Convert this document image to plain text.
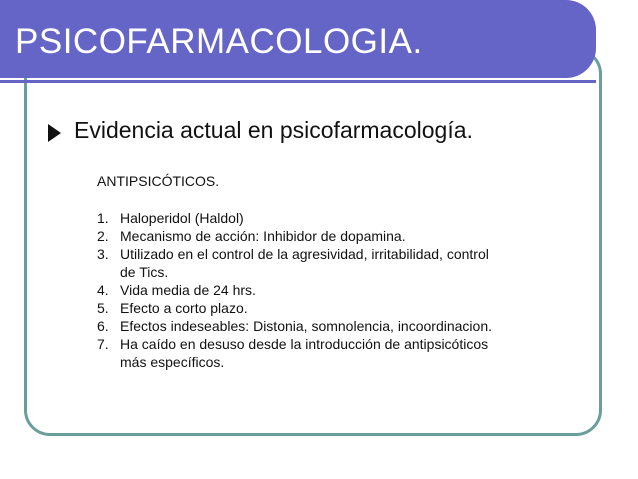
PSICOFARMACOLOGIA.
Evidencia actual en psicofarmacología.

ANTIPSICÓTICOS.

1. Haloperidol (Haldol)
2. Mecanismo de acción: Inhibidor de dopamina.
3. Utilizado en el control de la agresividad, irritabilidad, control de Tics.
4. Vida media de 24 hrs.
5. Efecto a corto plazo.
6. Efectos indeseables: Distonia, somnolencia, incoordinacion.
7. Ha caído en desuso desde la introducción de antipsicóticos más específicos.
